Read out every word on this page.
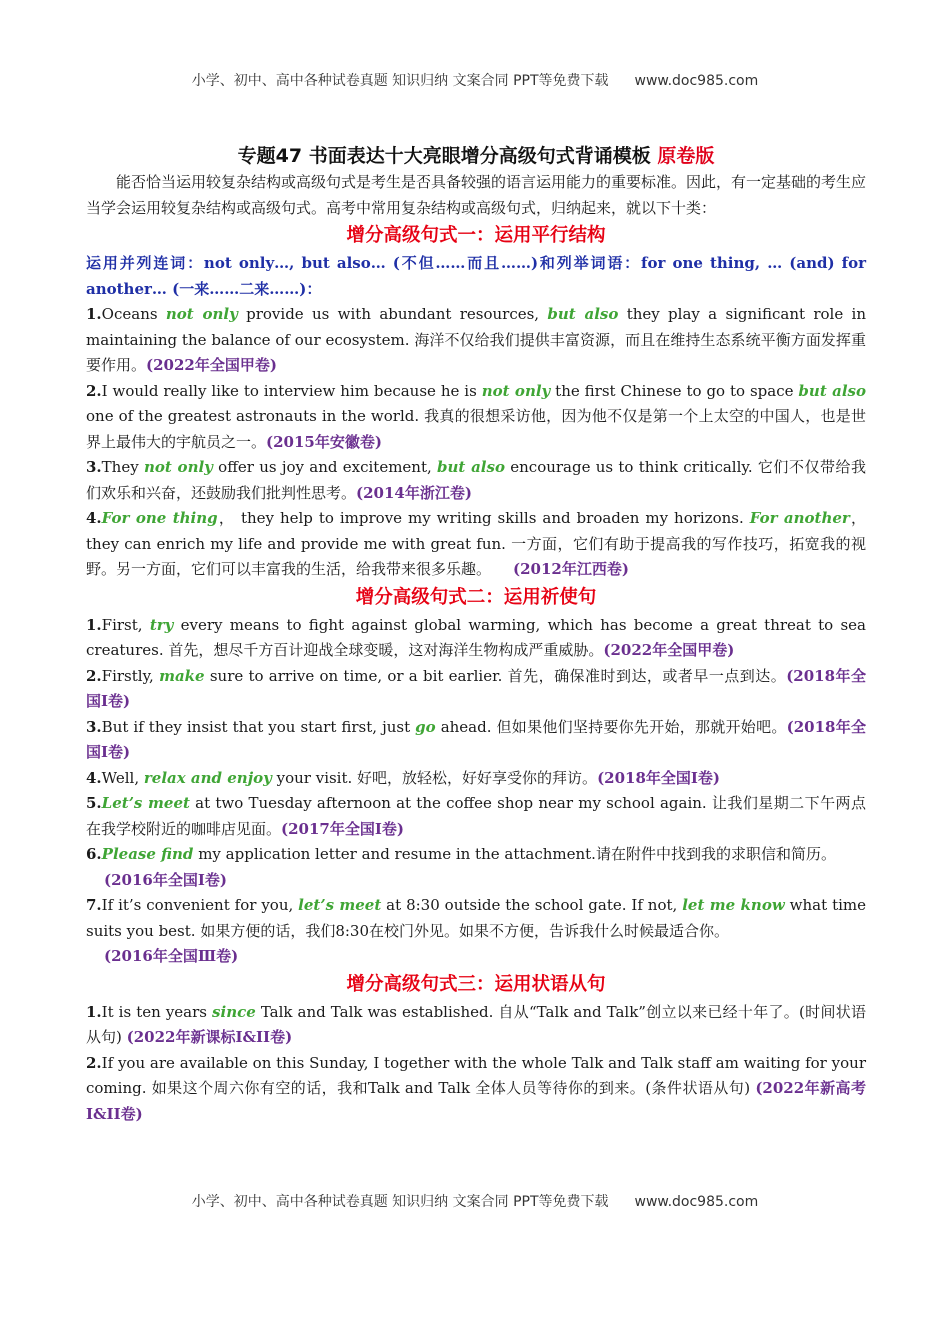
小学、初中、高中各种试卷真题 知识归纳 文案合同 PPT等免费下载 www.doc985.com
专题47 书面表达十大亮眼增分高级句式背诵模板 原卷版

能否恰当运用较复杂结构或高级句式是考生是否具备较强的语言运用能力的重要标准。因此，有一定基础的考生应当学会运用较复杂结构或高级句式。高考中常用复杂结构或高级句式，归纳起来，就以下十类：

增分高级句式一：运用平行结构

运用并列连词：not only…, but also… (不但……而且……)和列举词语：for one thing, … (and) for another… (一来……二来……)：

1.Oceans not only provide us with abundant resources, but also they play a significant role in maintaining the balance of our ecosystem. 海洋不仅给我们提供丰富资源，而且在维持生态系统平衡方面发挥重要作用。(2022年全国甲卷)

2.I would really like to interview him because he is not only the first Chinese to go to space but also one of the greatest astronauts in the world. 我真的很想采访他，因为他不仅是第一个上太空的中国人，也是世界上最伟大的宇航员之一。(2015年安徽卷)

3.They not only offer us joy and excitement, but also encourage us to think critically. 它们不仅带给我们欢乐和兴奋，还鼓励我们批判性思考。(2014年浙江卷)

4.For one thing， they help to improve my writing skills and broaden my horizons. For another，they can enrich my life and provide me with great fun. 一方面，它们有助于提高我的写作技巧，拓宽我的视野。另一方面，它们可以丰富我的生活，给我带来很多乐趣。 (2012年江西卷)

增分高级句式二：运用祈使句

1.First, try every means to fight against global warming, which has become a great threat to sea creatures. 首先，想尽千方百计迎战全球变暖，这对海洋生物构成严重威胁。(2022年全国甲卷)

2.Firstly, make sure to arrive on time, or a bit earlier. 首先，确保准时到达，或者早一点到达。(2018年全国Ⅰ卷)

3.But if they insist that you start first, just go ahead. 但如果他们坚持要你先开始，那就开始吧。(2018年全国Ⅰ卷)

4.Well, relax and enjoy your visit. 好吧，放轻松，好好享受你的拜访。(2018年全国Ⅰ卷)

5.Let’s meet at two Tuesday afternoon at the coffee shop near my school again. 让我们星期二下午两点在我学校附近的咖啡店见面。(2017年全国Ⅰ卷)

6.Please find my application letter and resume in the attachment.请在附件中找到我的求职信和简历。
(2016年全国Ⅰ卷)

7.If it’s convenient for you, let’s meet at 8:30 outside the school gate. If not, let me know what time suits you best. 如果方便的话，我们8:30在校门外见。如果不方便，告诉我什么时候最适合你。
(2016年全国Ⅲ卷)

增分高级句式三：运用状语从句

1.It is ten years since Talk and Talk was established. 自从“Talk and Talk”创立以来已经十年了。(时间状语从句) (2022年新课标Ⅰ&II卷)

2.If you are available on this Sunday, I together with the whole Talk and Talk staff am waiting for your coming. 如果这个周六你有空的话，我和Talk and Talk 全体人员等待你的到来。(条件状语从句) (2022年新高考Ⅰ&II卷)

小学、初中、高中各种试卷真题 知识归纳 文案合同 PPT等免费下载 www.doc985.com
